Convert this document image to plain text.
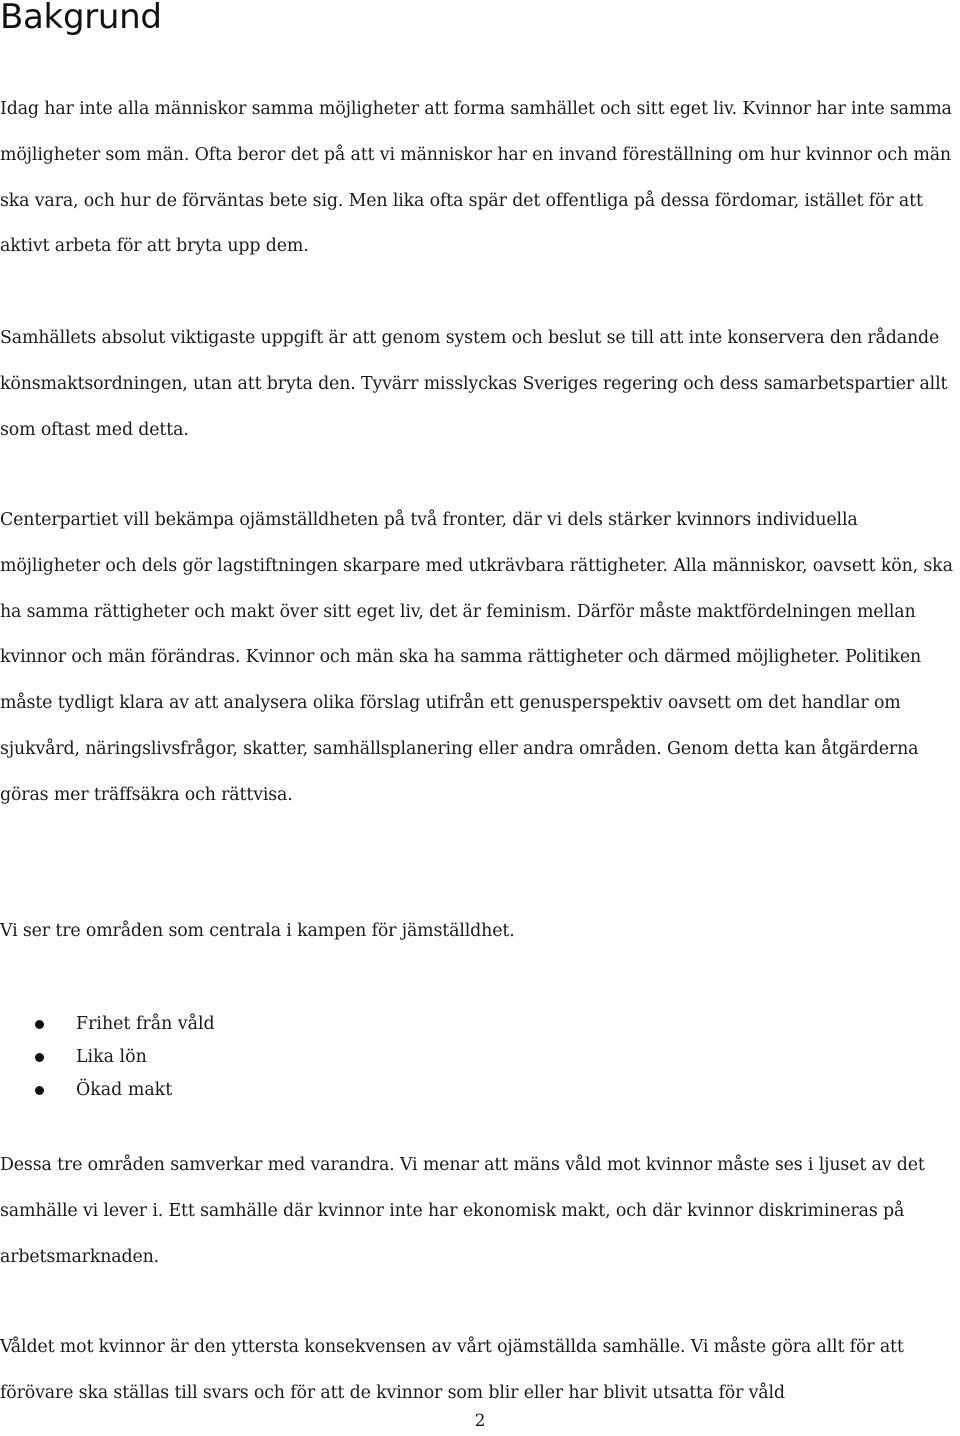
Bakgrund

Idag har inte alla människor samma möjligheter att forma samhället och sitt eget liv. Kvinnor har inte samma möjligheter som män. Ofta beror det på att vi människor har en invand föreställning om hur kvinnor och män ska vara, och hur de förväntas bete sig. Men lika ofta spär det offentliga på dessa fördomar, istället för att aktivt arbeta för att bryta upp dem.

Samhällets absolut viktigaste uppgift är att genom system och beslut se till att inte konservera den rådande könsmaktsordningen, utan att bryta den. Tyvärr misslyckas Sveriges regering och dess samarbetspartier allt som oftast med detta.

Centerpartiet vill bekämpa ojämställdheten på två fronter, där vi dels stärker kvinnors individuella möjligheter och dels gör lagstiftningen skarpare med utkrävbara rättigheter. Alla människor, oavsett kön, ska ha samma rättigheter och makt över sitt eget liv, det är feminism. Därför måste maktfördelningen mellan kvinnor och män förändras. Kvinnor och män ska ha samma rättigheter och därmed möjligheter. Politiken måste tydligt klara av att analysera olika förslag utifrån ett genusperspektiv oavsett om det handlar om sjukvård, näringslivsfrågor, skatter, samhällsplanering eller andra områden. Genom detta kan åtgärderna göras mer träffsäkra och rättvisa.

Vi ser tre områden som centrala i kampen för jämställdhet.

Frihet från våld
Lika lön
Ökad makt

Dessa tre områden samverkar med varandra. Vi menar att mäns våld mot kvinnor måste ses i ljuset av det samhälle vi lever i. Ett samhälle där kvinnor inte har ekonomisk makt, och där kvinnor diskrimineras på arbetsmarknaden.

Våldet mot kvinnor är den yttersta konsekvensen av vårt ojämställda samhälle. Vi måste göra allt för att förövare ska ställas till svars och för att de kvinnor som blir eller har blivit utsatta för våld

2
